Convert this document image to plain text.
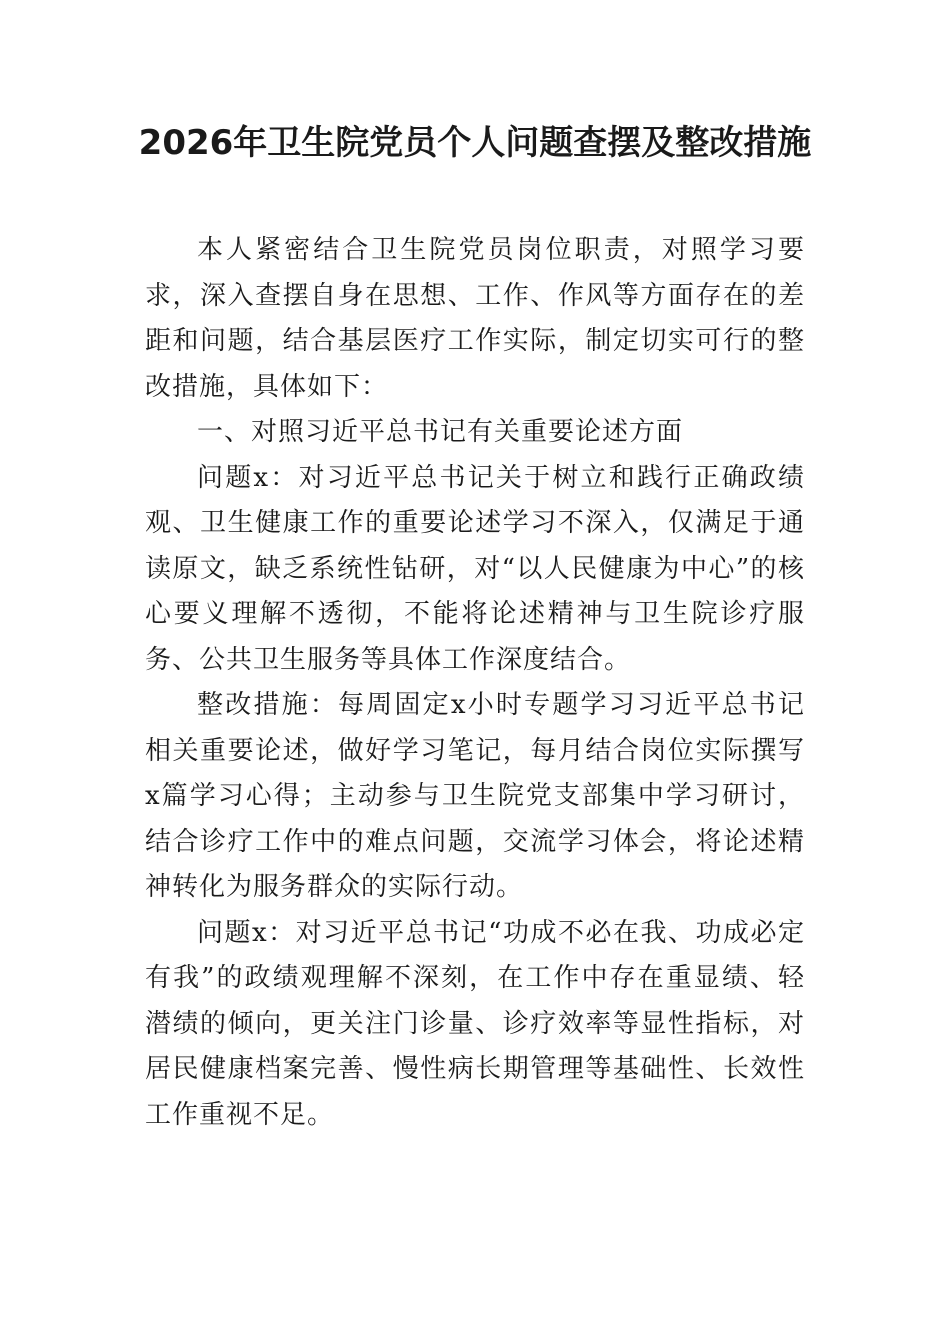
2026年卫生院党员个人问题查摆及整改措施

本人紧密结合卫生院党员岗位职责，对照学习要求，深入查摆自身在思想、工作、作风等方面存在的差距和问题，结合基层医疗工作实际，制定切实可行的整改措施，具体如下：

一、对照习近平总书记有关重要论述方面

问题x：对习近平总书记关于树立和践行正确政绩观、卫生健康工作的重要论述学习不深入，仅满足于通读原文，缺乏系统性钻研，对“以人民健康为中心”的核心要义理解不透彻，不能将论述精神与卫生院诊疗服务、公共卫生服务等具体工作深度结合。

整改措施：每周固定x小时专题学习习近平总书记相关重要论述，做好学习笔记，每月结合岗位实际撰写x篇学习心得；主动参与卫生院党支部集中学习研讨，结合诊疗工作中的难点问题，交流学习体会，将论述精神转化为服务群众的实际行动。

问题x：对习近平总书记“功成不必在我、功成必定有我”的政绩观理解不深刻，在工作中存在重显绩、轻潜绩的倾向，更关注门诊量、诊疗效率等显性指标，对居民健康档案完善、慢性病长期管理等基础性、长效性工作重视不足。
